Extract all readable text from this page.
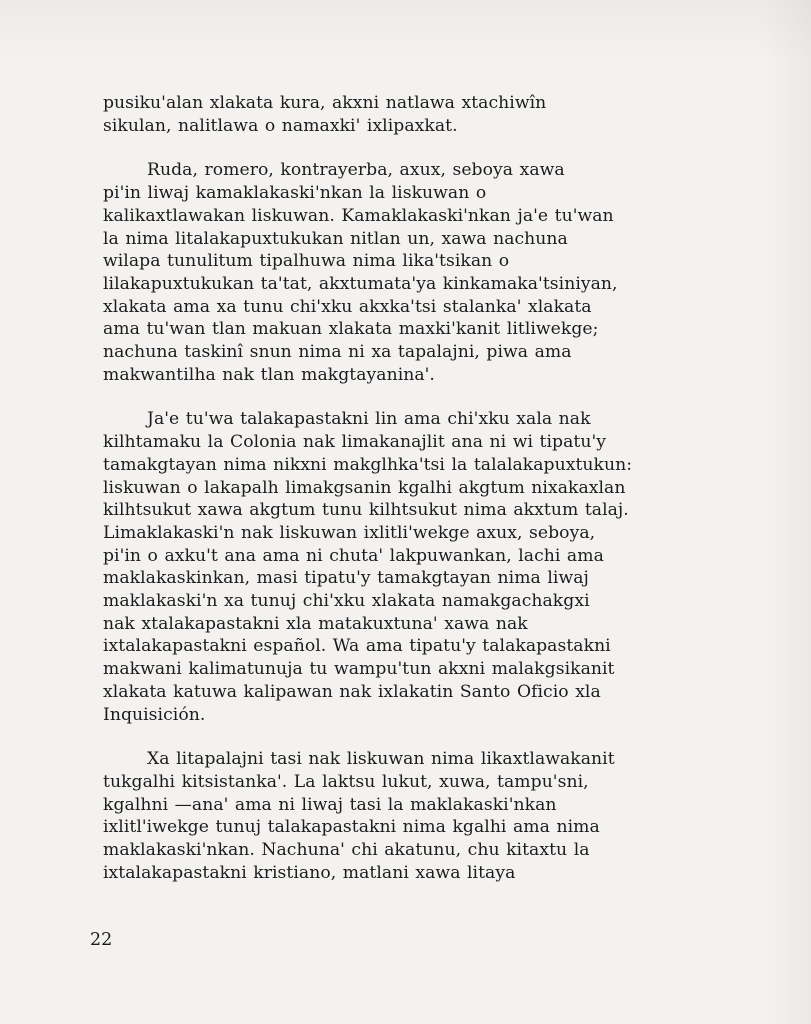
pusiku'alan xlakata kura, akxni natlawa xtachiwîn
sikulan, nalitlawa o namaxki' ixlipaxkat.

Ruda, romero, kontrayerba, axux, seboya xawa
pi'in liwaj kamaklakaski'nkan la liskuwan o
kalikaxtlawakan liskuwan. Kamaklakaski'nkan ja'e tu'wan
la nima litalakapuxtukukan nitlan un, xawa nachuna
wilapa tunulitum tipalhuwa nima lika'tsikan o
lilakapuxtukukan ta'tat, akxtumata'ya kinkamaka'tsiniyan,
xlakata ama xa tunu chi'xku akxka'tsi stalanka' xlakata
ama tu'wan tlan makuan xlakata maxki'kanit litliwekge;
nachuna taskinî snun nima ni xa tapalajni, piwa ama
makwantilha nak tlan makgtayanina'.

Ja'e tu'wa talakapastakni lin ama chi'xku xala nak
kilhtamaku la Colonia nak limakanajlit ana ni wi tipatu'y
tamakgtayan nima nikxni makglhka'tsi la talalakapuxtukun:
liskuwan o lakapalh limakgsanin kgalhi akgtum nixakaxlan
kilhtsukut xawa akgtum tunu kilhtsukut nima akxtum talaj.
Limaklakaski'n nak liskuwan ixlitli'wekge axux, seboya,
pi'in o axku't ana ama ni chuta' lakpuwankan, lachi ama
maklakaskinkan, masi tipatu'y tamakgtayan nima liwaj
maklakaski'n xa tunuj chi'xku xlakata namakgachakgxi
nak xtalakapastakni xla matakuxtuna' xawa nak
ixtalakapastakni español. Wa ama tipatu'y talakapastakni
makwani kalimatunuja tu wampu'tun akxni malakgsikanit
xlakata katuwa kalipawan nak ixlakatin Santo Oficio xla
Inquisición.

Xa litapalajni tasi nak liskuwan nima likaxtlawakanit
tukgalhi kitsistanka'. La laktsu lukut, xuwa, tampu'sni,
kgalhni —ana' ama ni liwaj tasi la maklakaski'nkan
ixlitl'iwekge tunuj talakapastakni nima kgalhi ama nima
maklakaski'nkan. Nachuna' chi akatunu, chu kitaxtu la
ixtalakapastakni kristiano, matlani xawa litaya

22
